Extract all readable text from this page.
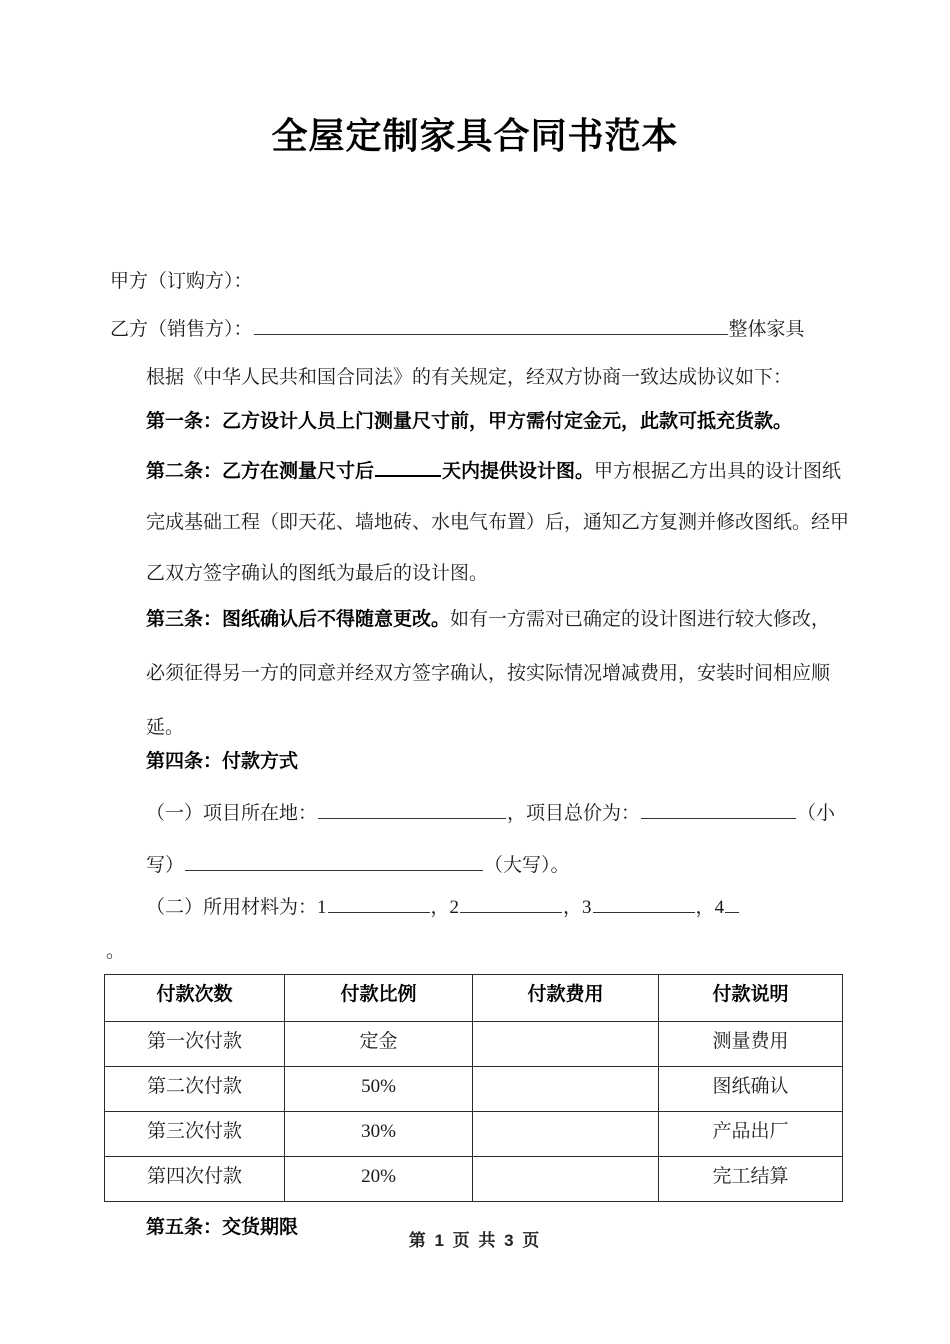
全屋定制家具合同书范本
甲方（订购方）：
乙方（销售方）：	整体家具
根据《中华人民共和国合同法》的有关规定，经双方协商一致达成协议如下：
第一条：乙方设计人员上门测量尺寸前，甲方需付定金元，此款可抵充货款。
第二条：乙方在测量尺寸后	天内提供设计图。甲方根据乙方出具的设计图纸完成基础工程（即天花、墙地砖、水电气布置）后，通知乙方复测并修改图纸。经甲乙双方签字确认的图纸为最后的设计图。
第三条：图纸确认后不得随意更改。如有一方需对已确定的设计图进行较大修改，必须征得另一方的同意并经双方签字确认，按实际情况增减费用，安装时间相应顺延。
第四条：付款方式
（一）项目所在地：	，项目总价为：	（小写）	（大写）。
（二）所用材料为：1	，2	，3	，4
。
付款次数	付款比例	付款费用	付款说明

第一次付款	定金		测量费用

第二次付款	50%		图纸确认

第三次付款	30%		产品出厂

第四次付款	20%		完工结算
第五条：交货期限
第 1 页 共 3 页
